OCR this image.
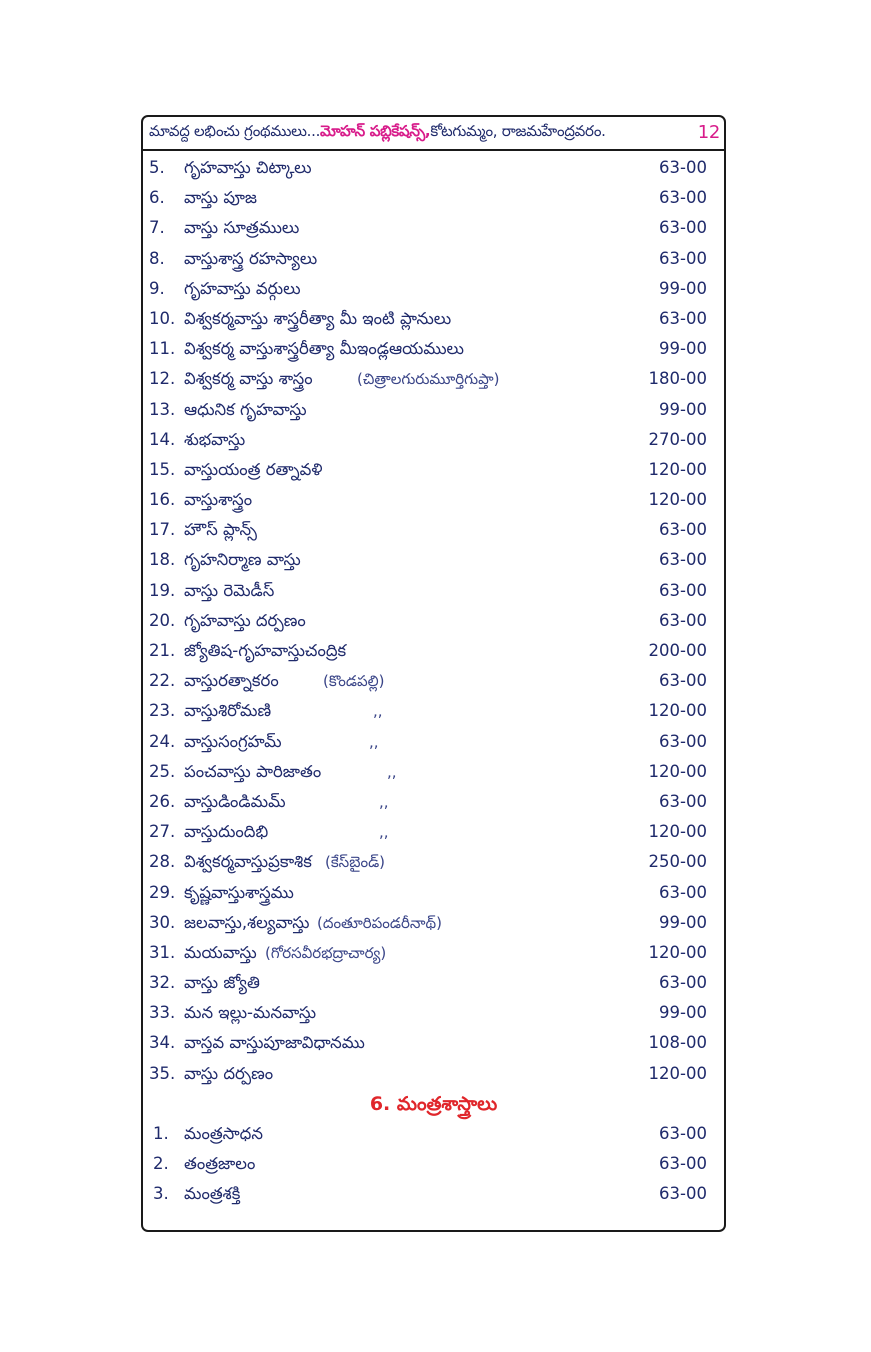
మావద్ద లభించు గ్రంథములు... మోహన్ పబ్లికేషన్స్, కోటగుమ్మం, రాజమహేంద్రవరం.	12
5. గృహవాస్తు చిట్కాలు	63-00
6. వాస్తు పూజ	63-00
7. వాస్తు సూత్రములు	63-00
8. వాస్తుశాస్త్ర రహస్యాలు	63-00
9. గృహవాస్తు వర్గులు	99-00
10. విశ్వకర్మవాస్తు శాస్త్రరీత్యా మీ ఇంటి ప్లానులు	63-00
11. విశ్వకర్మ వాస్తుశాస్త్రరీత్యా మీఇండ్లఆయములు	99-00
12. విశ్వకర్మ వాస్తు శాస్త్రం	(చిత్రాలగురుమూర్తిగుప్తా)	180-00
13. ఆధునిక గృహవాస్తు	99-00
14. శుభవాస్తు	270-00
15. వాస్తుయంత్ర రత్నావళి	120-00
16. వాస్తుశాస్త్రం	120-00
17. హౌస్ ప్లాన్స్	63-00
18. గృహనిర్మాణ వాస్తు	63-00
19. వాస్తు రెమెడీస్	63-00
20. గృహవాస్తు దర్పణం	63-00
21. జ్యోతిష-గృహవాస్తుచంద్రిక	200-00
22. వాస్తురత్నాకరం	(కొండపల్లి)	63-00
23. వాస్తుశిరోమణి	,,	120-00
24. వాస్తుసంగ్రహమ్	,,	63-00
25. పంచవాస్తు పారిజాతం	,,	120-00
26. వాస్తుడిండిమమ్	,,	63-00
27. వాస్తుదుందిభి	,,	120-00
28. విశ్వకర్మవాస్తుప్రకాశిక (కేస్‌బైండ్)	250-00
29. కృష్ణవాస్తుశాస్త్రము	63-00
30. జలవాస్తు,శల్యవాస్తు (దంతూరిపండరీనాథ్)	99-00
31. మయవాస్తు (గోరసవీరభద్రాచార్య)	120-00
32. వాస్తు జ్యోతి	63-00
33. మన ఇల్లు-మనవాస్తు	99-00
34. వాస్తవ వాస్తుపూజావిధానము	108-00
35. వాస్తు దర్పణం	120-00
6. మంత్రశాస్త్రాలు
1. మంత్రసాధన	63-00
2. తంత్రజాలం	63-00
3. మంత్రశక్తి	63-00
